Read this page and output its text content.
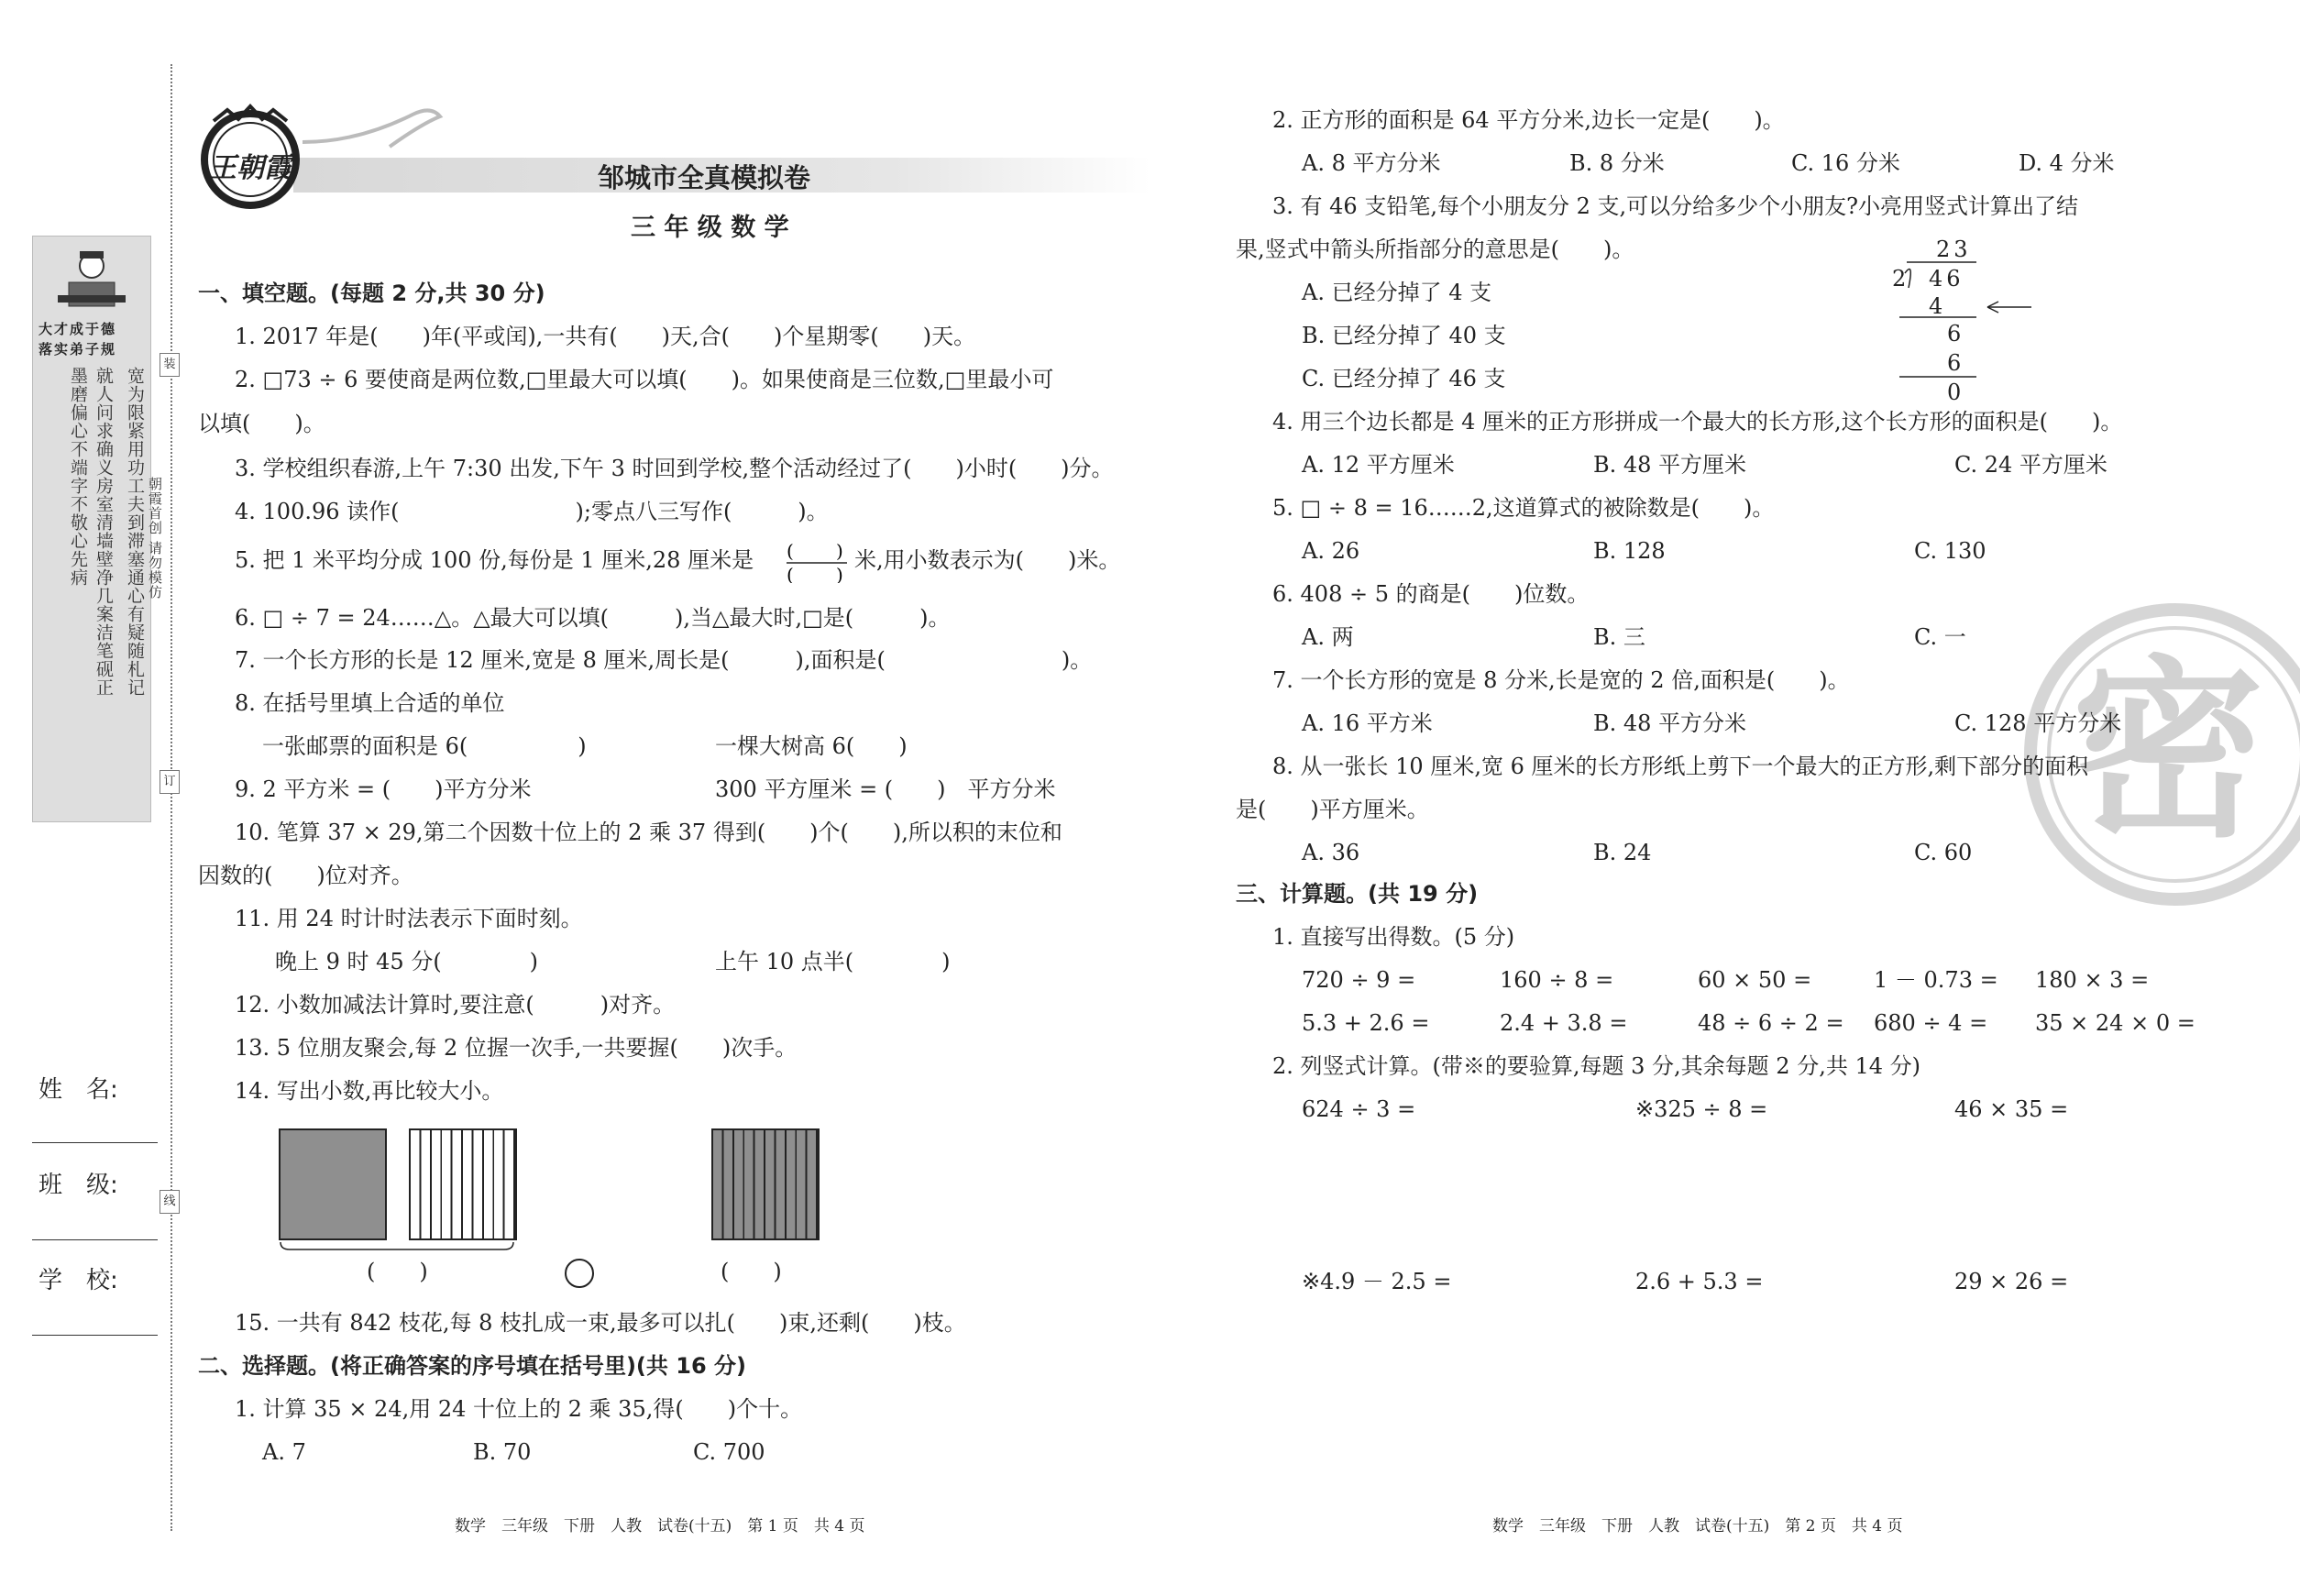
大才成于德
落实弟子规
宽为限紧用功工夫到滞塞通心有疑随札记
就人问求确义房室清墙壁净几案洁笔砚正
墨磨偏心不端字不敬心先病
装
订
线
朝霞首创 请勿模仿
姓　名:
班　级:
学　校:
王朝霞	邹城市全真模拟卷
三 年 级 数 学
一、填空题。(每题 2 分,共 30 分)
1. 2017 年是(　　)年(平或闰),一共有(　　)天,合(　　)个星期零(　　)天。
2. □73 ÷ 6 要使商是两位数,□里最大可以填(　　)。如果使商是三位数,□里最小可
以填(　　)。
3. 学校组织春游,上午 7:30 出发,下午 3 时回到学校,整个活动经过了(　　)小时(　　)分。
4. 100.96 读作(　　　　　　　　);零点八三写作(　　　)。
5. 把 1 米平均分成 100 份,每份是 1 厘米,28 厘米是 ( )
( )
米,用小数表示为(　　)米。
6. □ ÷ 7 = 24……△。△最大可以填(　　　),当△最大时,□是(　　　)。
7. 一个长方形的长是 12 厘米,宽是 8 厘米,周长是(　　　),面积是(　　　　　　　　)。
8. 在括号里填上合适的单位
一张邮票的面积是 6(　　　　　)	一棵大树高 6(　　)
9. 2 平方米 = (　　)平方分米	300 平方厘米 = (　　)　平方分米
10. 笔算 37 × 29,第二个因数十位上的 2 乘 37 得到(　　)个(　　),所以积的末位和
因数的(　　)位对齐。
11. 用 24 时计时法表示下面时刻。
晚上 9 时 45 分(　　　　)	上午 10 点半(　　　　)
12. 小数加减法计算时,要注意(　　　)对齐。
13. 5 位朋友聚会,每 2 位握一次手,一共要握(　　)次手。
14. 写出小数,再比较大小。
(　　)	(　　)
15. 一共有 842 枝花,每 8 枝扎成一束,最多可以扎(　　)束,还剩(　　)枝。
二、选择题。(将正确答案的序号填在括号里)(共 16 分)
1. 计算 35 × 24,用 24 十位上的 2 乘 35,得(　　)个十。
A. 7	B. 70	C. 700
数学　三年级　下册　人教　试卷(十五)　第 1 页　共 4 页
密
2. 正方形的面积是 64 平方分米,边长一定是(　　)。
A. 8 平方分米	B. 8 分米	C. 16 分米	D. 4 分米
3. 有 46 支铅笔,每个小朋友分 2 支,可以分给多少个小朋友?小亮用竖式计算出了结
果,竖式中箭头所指部分的意思是(　　)。
A. 已经分掉了 4 支
B. 已经分掉了 40 支
C. 已经分掉了 46 支
23
2 46
4
6
6
0
4. 用三个边长都是 4 厘米的正方形拼成一个最大的长方形,这个长方形的面积是(　　)。
A. 12 平方厘米	B. 48 平方厘米	C. 24 平方厘米
5. □ ÷ 8 = 16……2,这道算式的被除数是(　　)。
A. 26	B. 128	C. 130
6. 408 ÷ 5 的商是(　　)位数。
A. 两	B. 三	C. 一
7. 一个长方形的宽是 8 分米,长是宽的 2 倍,面积是(　　)。
A. 16 平方米	B. 48 平方分米	C. 128 平方分米
8. 从一张长 10 厘米,宽 6 厘米的长方形纸上剪下一个最大的正方形,剩下部分的面积
是(　　)平方厘米。
A. 36	B. 24	C. 60
三、计算题。(共 19 分)
1. 直接写出得数。(5 分)
720 ÷ 9 =	160 ÷ 8 =	60 × 50 =	1 － 0.73 = 180 × 3 =
5.3 + 2.6 =	2.4 + 3.8 =	48 ÷ 6 ÷ 2 = 680 ÷ 4 = 35 × 24 × 0 =
2. 列竖式计算。(带※的要验算,每题 3 分,其余每题 2 分,共 14 分)
624 ÷ 3 =	※325 ÷ 8 =	46 × 35 =
※4.9 － 2.5 =	2.6 + 5.3 =	29 × 26 =
数学　三年级　下册　人教　试卷(十五)　第 2 页　共 4 页
